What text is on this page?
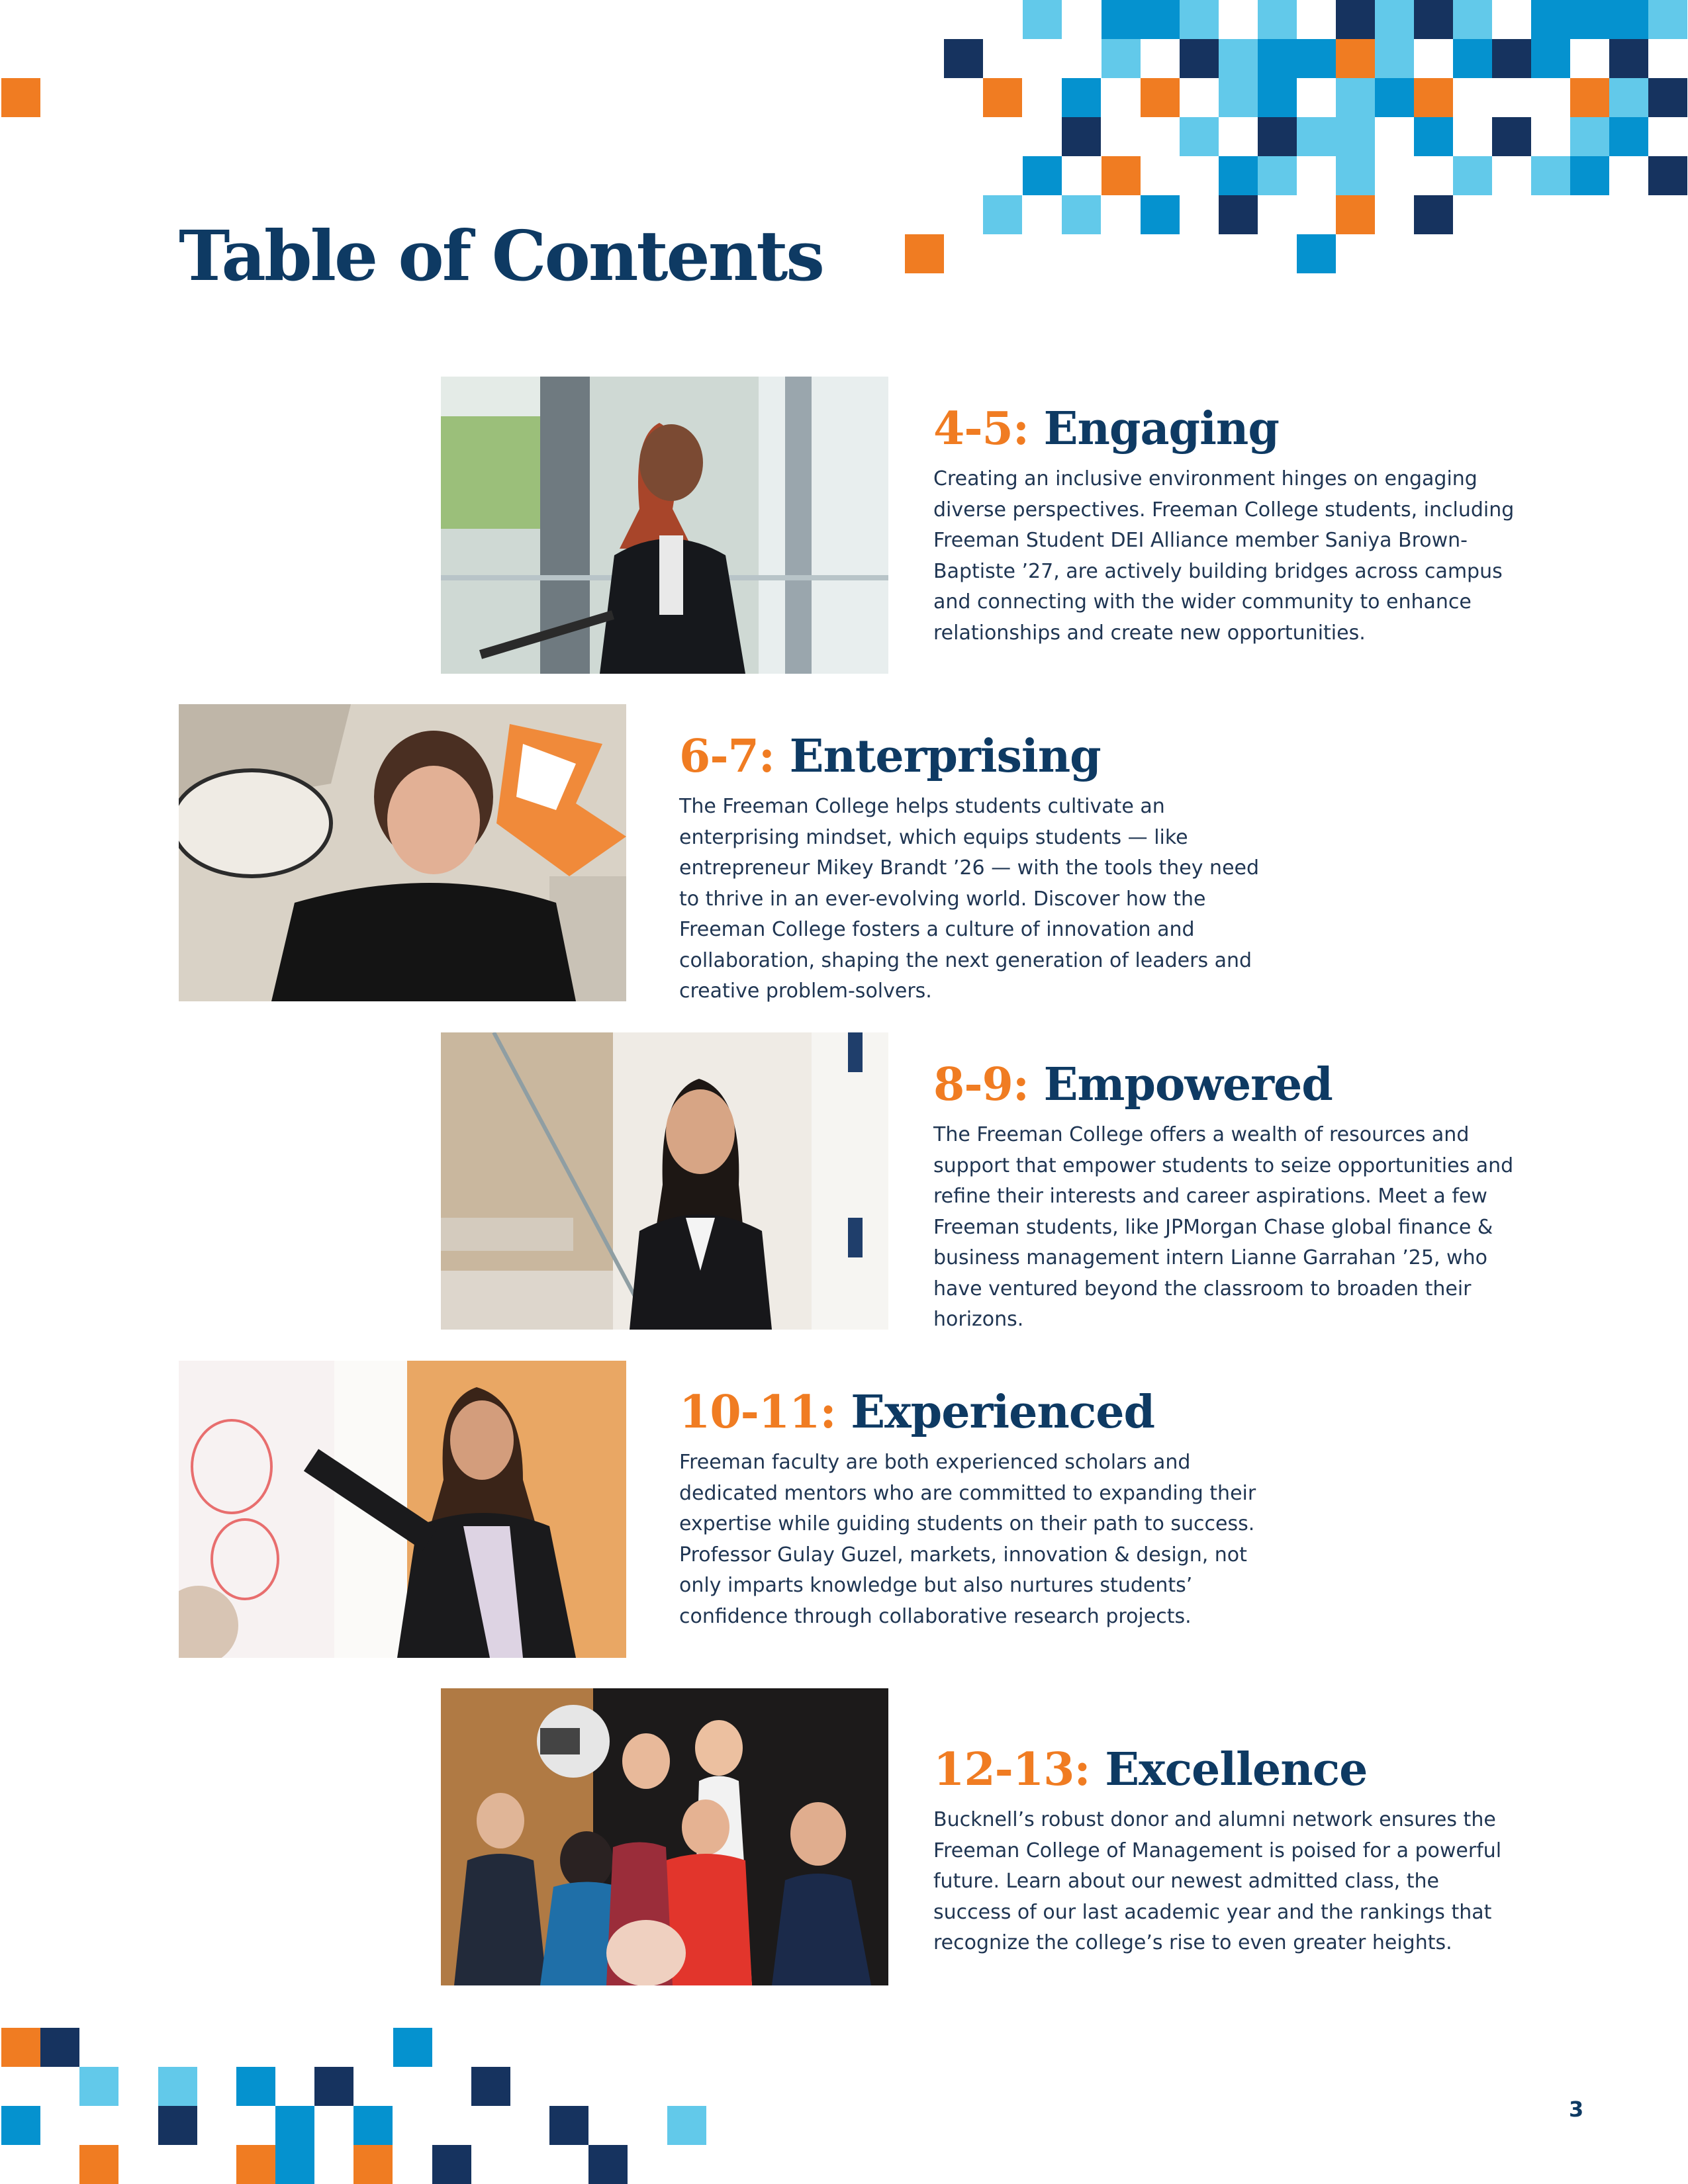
Table of Contents
4-5: Engaging

Creating an inclusive environment hinges on engaging diverse perspectives. Freeman College students, including Freeman Student DEI Alliance member Saniya Brown-Baptiste ’27, are actively building bridges across campus and connecting with the wider community to enhance relationships and create new opportunities.

6-7: Enterprising

The Freeman College helps students cultivate an enterprising mindset, which equips students — like entrepreneur Mikey Brandt ’26 — with the tools they need to thrive in an ever-evolving world. Discover how the Freeman College fosters a culture of innovation and collaboration, shaping the next generation of leaders and creative problem-solvers.

8-9: Empowered

The Freeman College offers a wealth of resources and support that empower students to seize opportunities and refine their interests and career aspirations. Meet a few Freeman students, like JPMorgan Chase global finance & business management intern Lianne Garrahan ’25, who have ventured beyond the classroom to broaden their horizons.

10-11: Experienced

Freeman faculty are both experienced scholars and dedicated mentors who are committed to expanding their expertise while guiding students on their path to success. Professor Gulay Guzel, markets, innovation & design, not only imparts knowledge but also nurtures students’ confidence through collaborative research projects.

12-13: Excellence

Bucknell’s robust donor and alumni network ensures the Freeman College of Management is poised for a powerful future. Learn about our newest admitted class, the success of our last academic year and the rankings that recognize the college’s rise to even greater heights.

3
